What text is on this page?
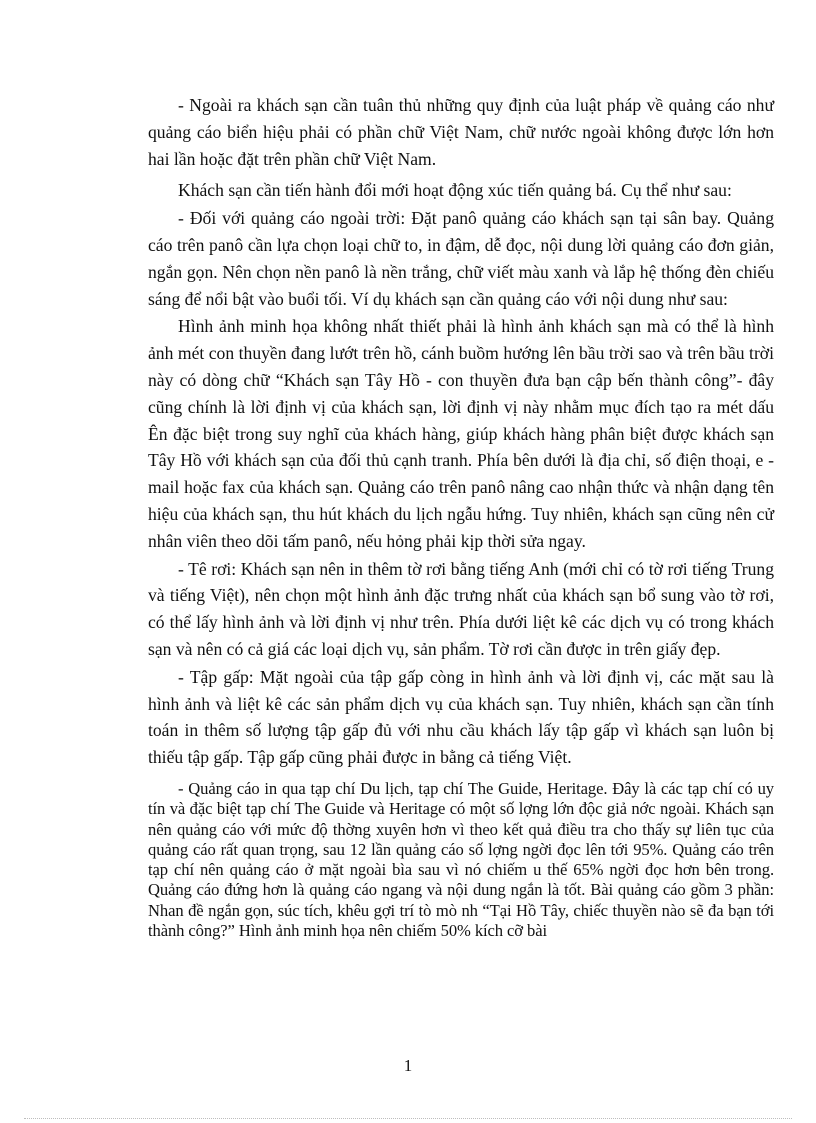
- Ngoài ra khách sạn cần tuân thủ những quy định của luật pháp về quảng cáo như quảng cáo biển hiệu phải có phần chữ Việt Nam, chữ nước ngoài không được lớn hơn hai lần hoặc đặt trên phần chữ Việt Nam.

Khách sạn cần tiến hành đổi mới hoạt động xúc tiến quảng bá. Cụ thể như sau:

- Đối với quảng cáo ngoài trời: Đặt panô quảng cáo khách sạn tại sân bay. Quảng cáo trên panô cần lựa chọn loại chữ to, in đậm, dễ đọc, nội dung lời quảng cáo đơn giản, ngắn gọn. Nên chọn nền panô là nền trắng, chữ viết màu xanh và lắp hệ thống đèn chiếu sáng để nổi bật vào buổi tối. Ví dụ khách sạn cần quảng cáo với nội dung như sau:

Hình ảnh minh họa không nhất thiết phải là hình ảnh khách sạn mà có thể là hình ảnh mét con thuyền đang lướt trên hồ, cánh buồm hướng lên bầu trời sao và trên bầu trời này có dòng chữ “Khách sạn Tây Hồ - con thuyền đưa bạn cập bến thành công”- đây cũng chính là lời định vị của khách sạn, lời định vị này nhằm mục đích tạo ra mét dấu Ên đặc biệt trong suy nghĩ của khách hàng, giúp khách hàng phân biệt được khách sạn Tây Hồ với khách sạn của đối thủ cạnh tranh. Phía bên dưới là địa chỉ, số điện thoại, e - mail hoặc fax của khách sạn. Quảng cáo trên panô nâng cao nhận thức và nhận dạng tên hiệu của khách sạn, thu hút khách du lịch ngẫu hứng. Tuy nhiên, khách sạn cũng nên cử nhân viên theo dõi tấm panô, nếu hỏng phải kịp thời sửa ngay.

- Tê rơi: Khách sạn nên in thêm tờ rơi bằng tiếng Anh (mới chỉ có tờ rơi tiếng Trung và tiếng Việt), nên chọn một hình ảnh đặc trưng nhất của khách sạn bổ sung vào tờ rơi, có thể lấy hình ảnh và lời định vị như trên. Phía dưới liệt kê các dịch vụ có trong khách sạn và nên có cả giá các loại dịch vụ, sản phẩm. Tờ rơi cần được in trên giấy đẹp.

- Tập gấp: Mặt ngoài của tập gấp còng in hình ảnh và lời định vị, các mặt sau là hình ảnh và liệt kê các sản phẩm dịch vụ của khách sạn. Tuy nhiên, khách sạn cần tính toán in thêm số lượng tập gấp đủ với nhu cầu khách lấy tập gấp vì khách sạn luôn bị thiếu tập gấp. Tập gấp cũng phải được in bằng cả tiếng Việt.

- Quảng cáo in qua tạp chí Du lịch, tạp chí The Guide, Heritage. Đây là các tạp chí có uy tín và đặc biệt tạp chí The Guide và Heritage có một số lợng lớn độc giả nớc ngoài. Khách sạn nên quảng cáo với mức độ thờng xuyên hơn vì theo kết quả điều tra cho thấy sự liên tục của quảng cáo rất quan trọng, sau 12 lần quảng cáo số lợng ngời đọc lên tới 95%. Quảng cáo trên tạp chí nên quảng cáo ở mặt ngoài bìa sau vì nó chiếm u thế 65% ngời đọc hơn bên trong. Quảng cáo đứng hơn là quảng cáo ngang và nội dung ngắn là tốt. Bài quảng cáo gồm 3 phần: Nhan đề ngắn gọn, súc tích, khêu gợi trí tò mò nh “Tại Hồ Tây, chiếc thuyền nào sẽ đa bạn tới thành công?” Hình ảnh minh họa nên chiếm 50% kích cỡ bài

1
